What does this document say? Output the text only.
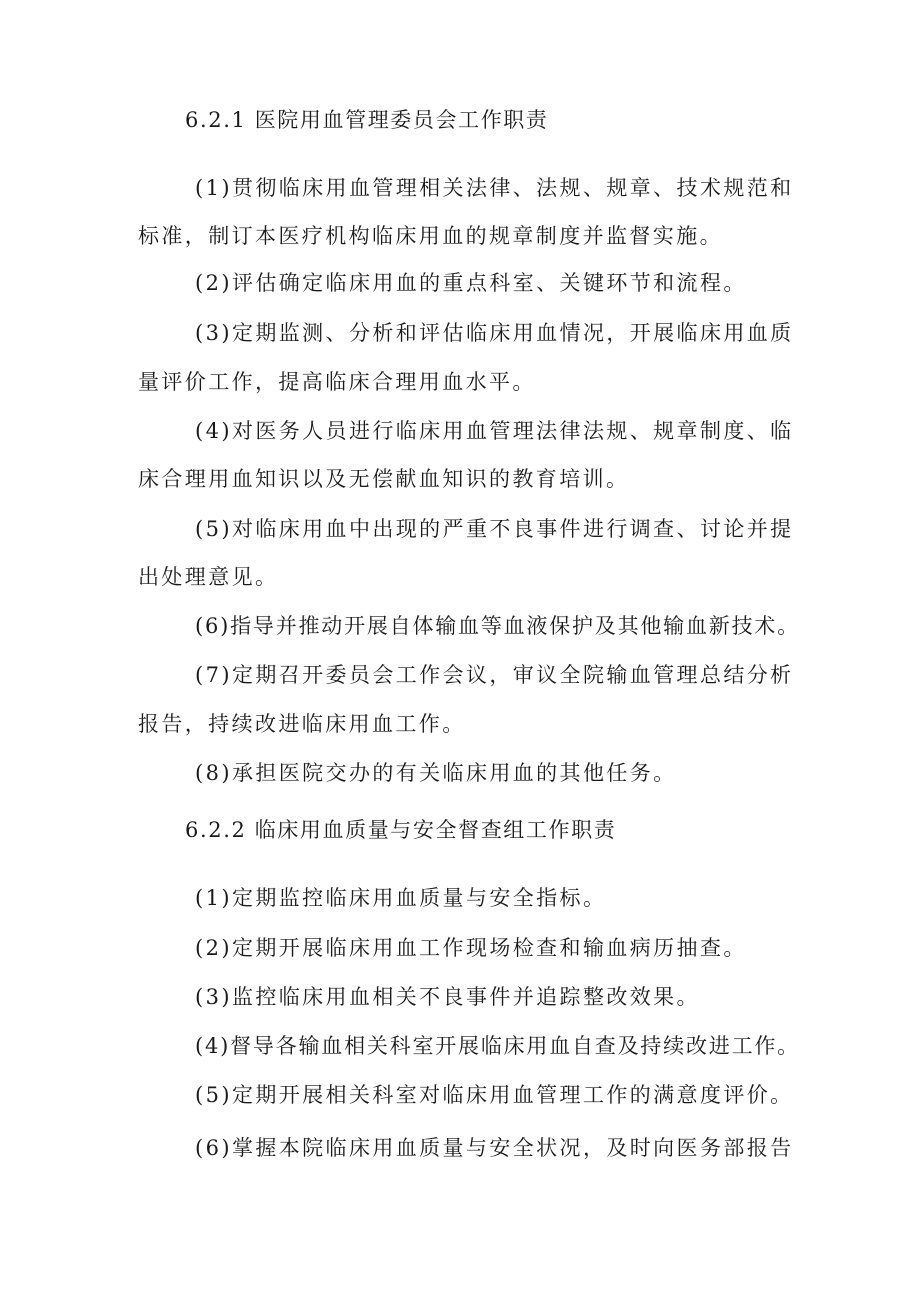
6.2.1 医院用血管理委员会工作职责
(1)贯彻临床用血管理相关法律、法规、规章、技术规范和
标准，制订本医疗机构临床用血的规章制度并监督实施。
(2)评估确定临床用血的重点科室、关键环节和流程。
(3)定期监测、分析和评估临床用血情况，开展临床用血质
量评价工作，提高临床合理用血水平。
(4)对医务人员进行临床用血管理法律法规、规章制度、临
床合理用血知识以及无偿献血知识的教育培训。
(5)对临床用血中出现的严重不良事件进行调查、讨论并提
出处理意见。
(6)指导并推动开展自体输血等血液保护及其他输血新技术。
(7)定期召开委员会工作会议，审议全院输血管理总结分析
报告，持续改进临床用血工作。
(8)承担医院交办的有关临床用血的其他任务。
6.2.2 临床用血质量与安全督查组工作职责
(1)定期监控临床用血质量与安全指标。
(2)定期开展临床用血工作现场检查和输血病历抽查。
(3)监控临床用血相关不良事件并追踪整改效果。
(4)督导各输血相关科室开展临床用血自查及持续改进工作。
(5)定期开展相关科室对临床用血管理工作的满意度评价。
(6)掌握本院临床用血质量与安全状况，及时向医务部报告
